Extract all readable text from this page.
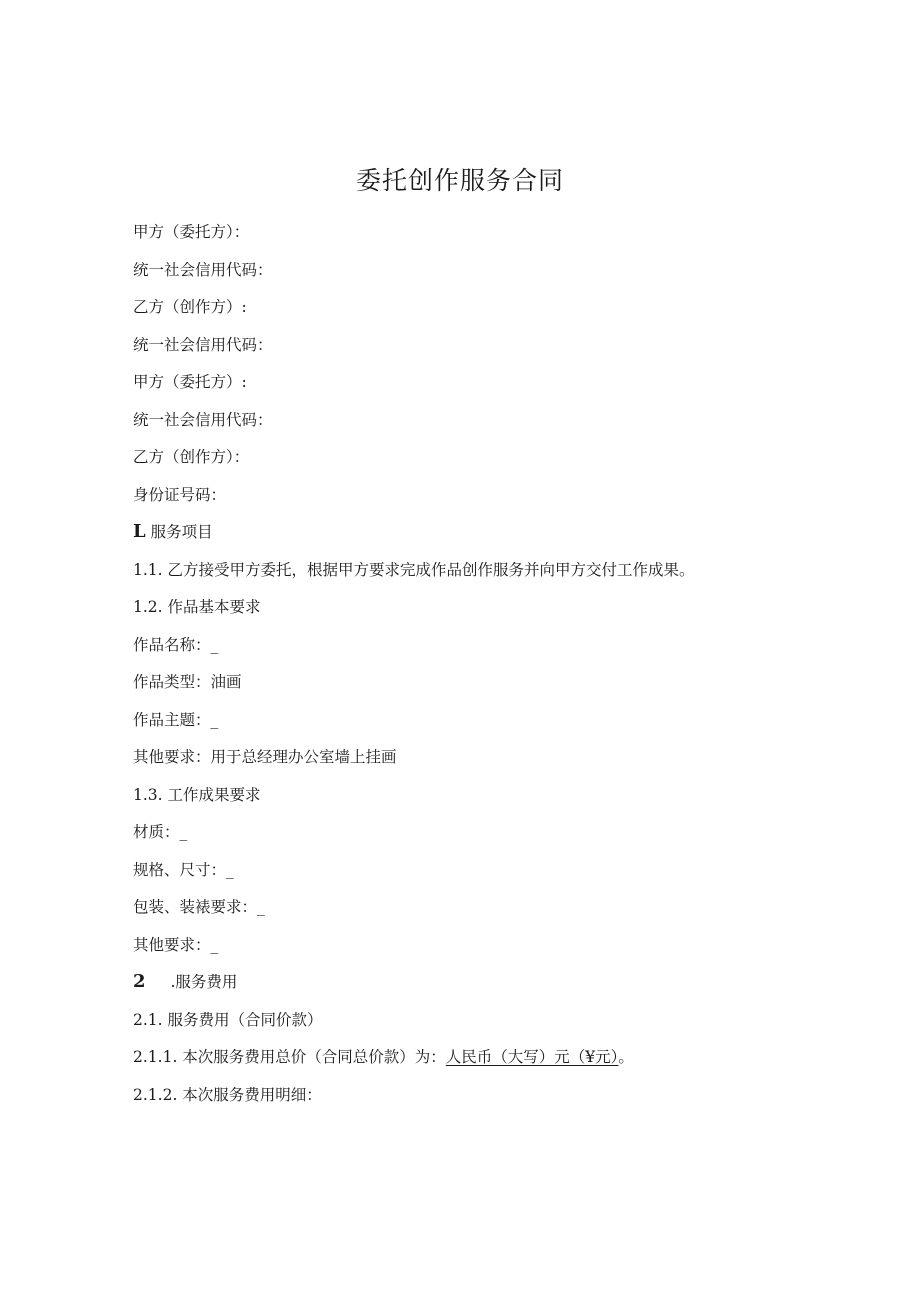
委托创作服务合同
甲方（委托方）：
统一社会信用代码：
乙方（创作方）:
统一社会信用代码：
甲方（委托方）:
统一社会信用代码：
乙方（创作方）：
身份证号码：
L 服务项目
1.1. 乙方接受甲方委托，根据甲方要求完成作品创作服务并向甲方交付工作成果。
1.2. 作品基本要求
作品名称：_
作品类型：油画
作品主题：_
其他要求：用于总经理办公室墙上挂画
1.3. 工作成果要求
材质：_
规格、尺寸：_
包装、装裱要求：_
其他要求：_
2 .服务费用
2.1. 服务费用（合同价款）
2.1.1. 本次服务费用总价（合同总价款）为：人民币（大写）元（¥元）。
2.1.2. 本次服务费用明细：
